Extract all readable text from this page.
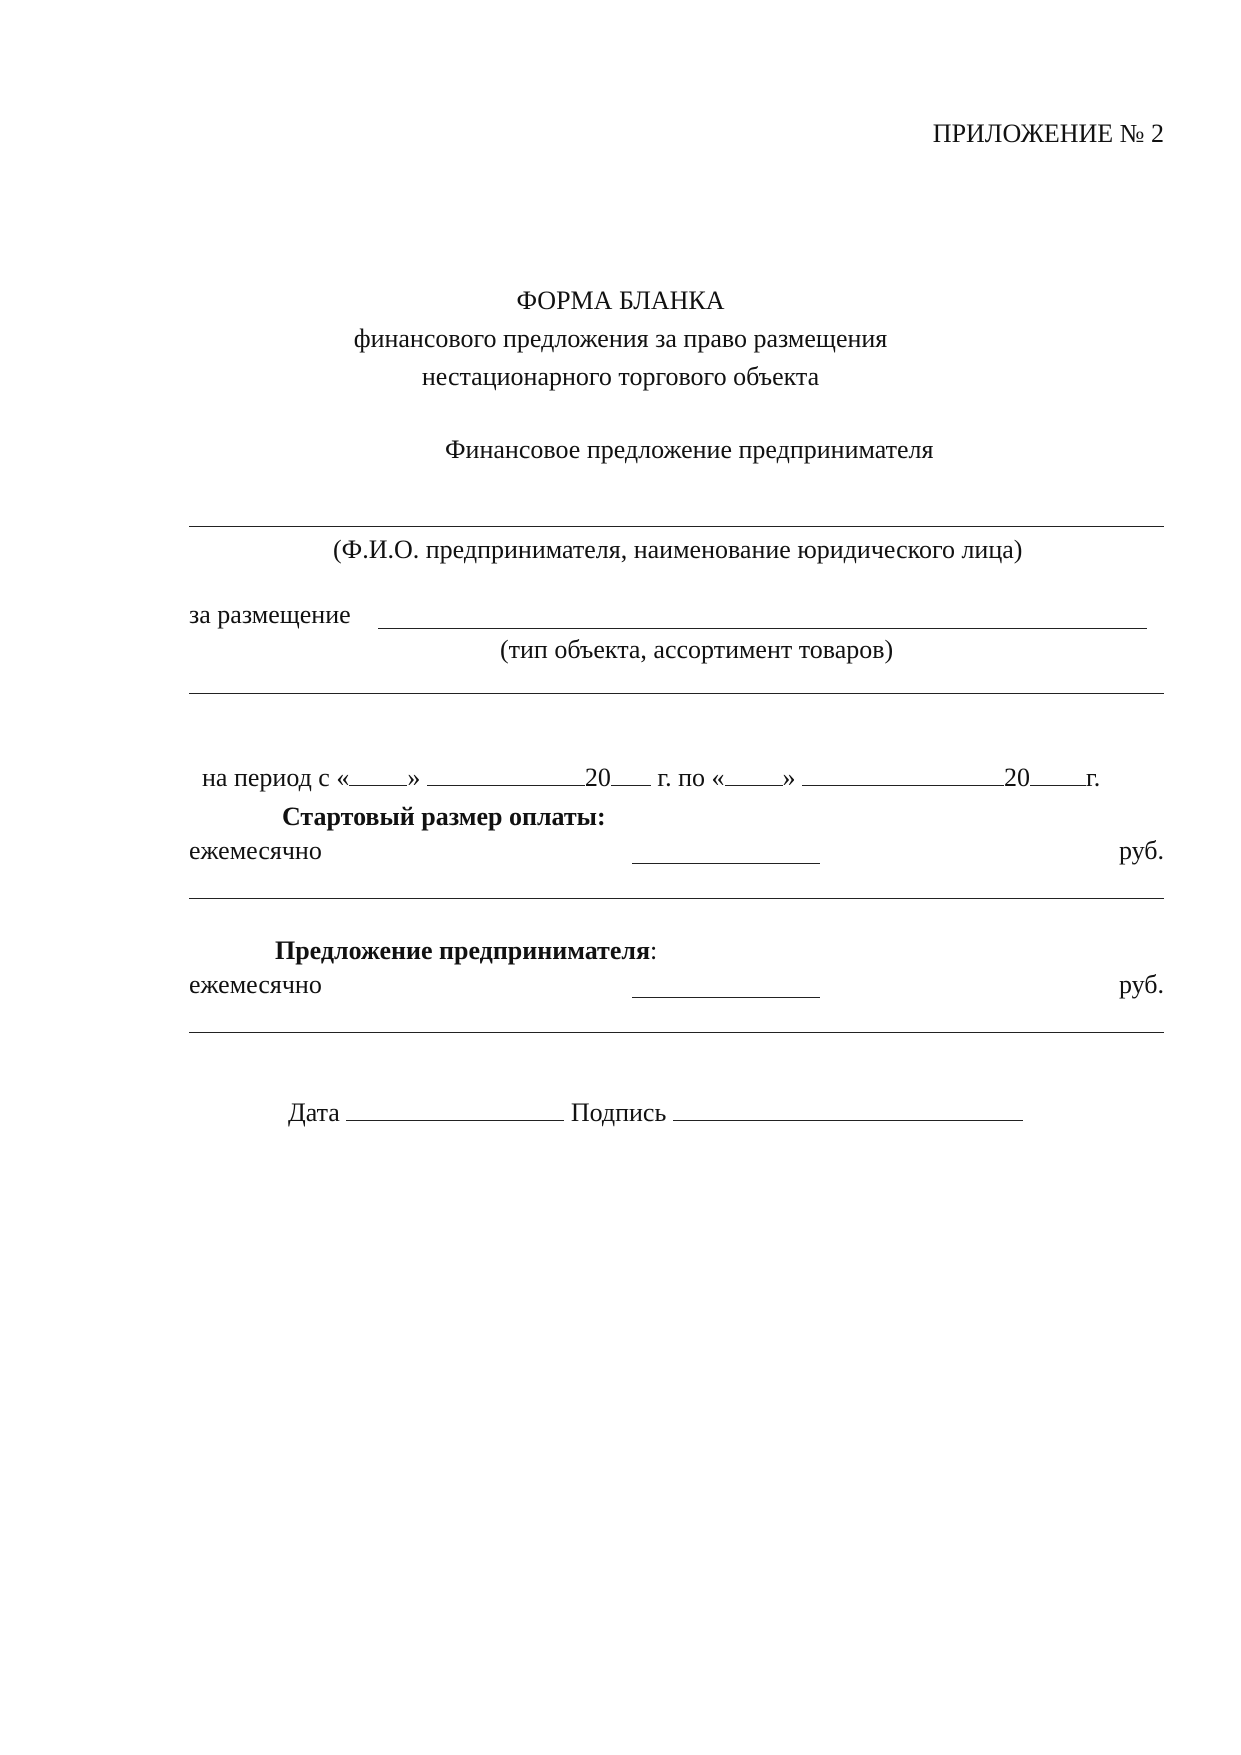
ПРИЛОЖЕНИЕ № 2
ФОРМА БЛАНКА
финансового предложения за право размещения
нестационарного торгового объекта
Финансовое предложение предпринимателя
(Ф.И.О. предпринимателя, наименование юридического лица)
за размещение
(тип объекта, ассортимент товаров)

на период с « »	20 г. по « »	20 г.

Стартовый размер оплаты:
ежемесячно	руб.
Предложение предпринимателя:
ежемесячно	руб.

Дата	Подпись
